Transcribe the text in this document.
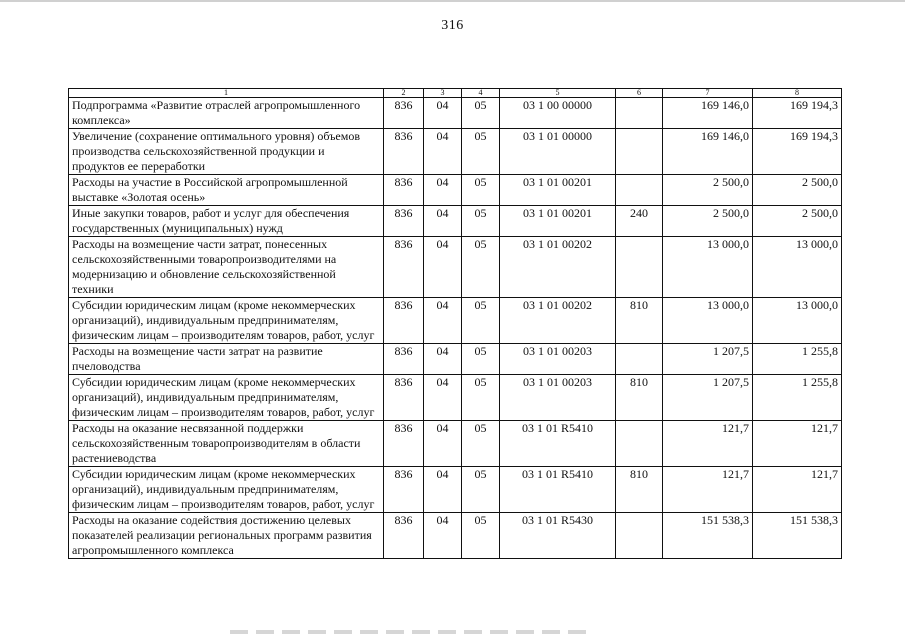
316
1	2	3	4	5	6	7	8
Подпрограмма «Развитие отраслей агропромышленного комплекса»	836	04	05	03 1 00 00000		169 146,0	169 194,3
Увеличение (сохранение оптимального уровня) объемов производства сельскохозяйственной продукции и продуктов ее переработки	836	04	05	03 1 01 00000		169 146,0	169 194,3
Расходы на участие в Российской агропромышленной выставке «Золотая осень»	836	04	05	03 1 01 00201		2 500,0	2 500,0
Иные закупки товаров, работ и услуг для обеспечения государственных (муниципальных) нужд	836	04	05	03 1 01 00201	240	2 500,0	2 500,0
Расходы на возмещение части затрат, понесенных сельскохозяйственными товаропроизводителями на модернизацию и обновление сельскохозяйственной техники	836	04	05	03 1 01 00202		13 000,0	13 000,0
Субсидии юридическим лицам (кроме некоммерческих организаций), индивидуальным предпринимателям, физическим лицам – производителям товаров, работ, услуг	836	04	05	03 1 01 00202	810	13 000,0	13 000,0
Расходы на возмещение части затрат на развитие пчеловодства	836	04	05	03 1 01 00203		1 207,5	1 255,8
Субсидии юридическим лицам (кроме некоммерческих организаций), индивидуальным предпринимателям, физическим лицам – производителям товаров, работ, услуг	836	04	05	03 1 01 00203	810	1 207,5	1 255,8
Расходы на оказание несвязанной поддержки сельскохозяйственным товаропроизводителям в области растениеводства	836	04	05	03 1 01 R5410		121,7	121,7
Субсидии юридическим лицам (кроме некоммерческих организаций), индивидуальным предпринимателям, физическим лицам – производителям товаров, работ, услуг	836	04	05	03 1 01 R5410	810	121,7	121,7
Расходы на оказание содействия достижению целевых показателей реализации региональных программ развития агропромышленного комплекса	836	04	05	03 1 01 R5430		151 538,3	151 538,3
